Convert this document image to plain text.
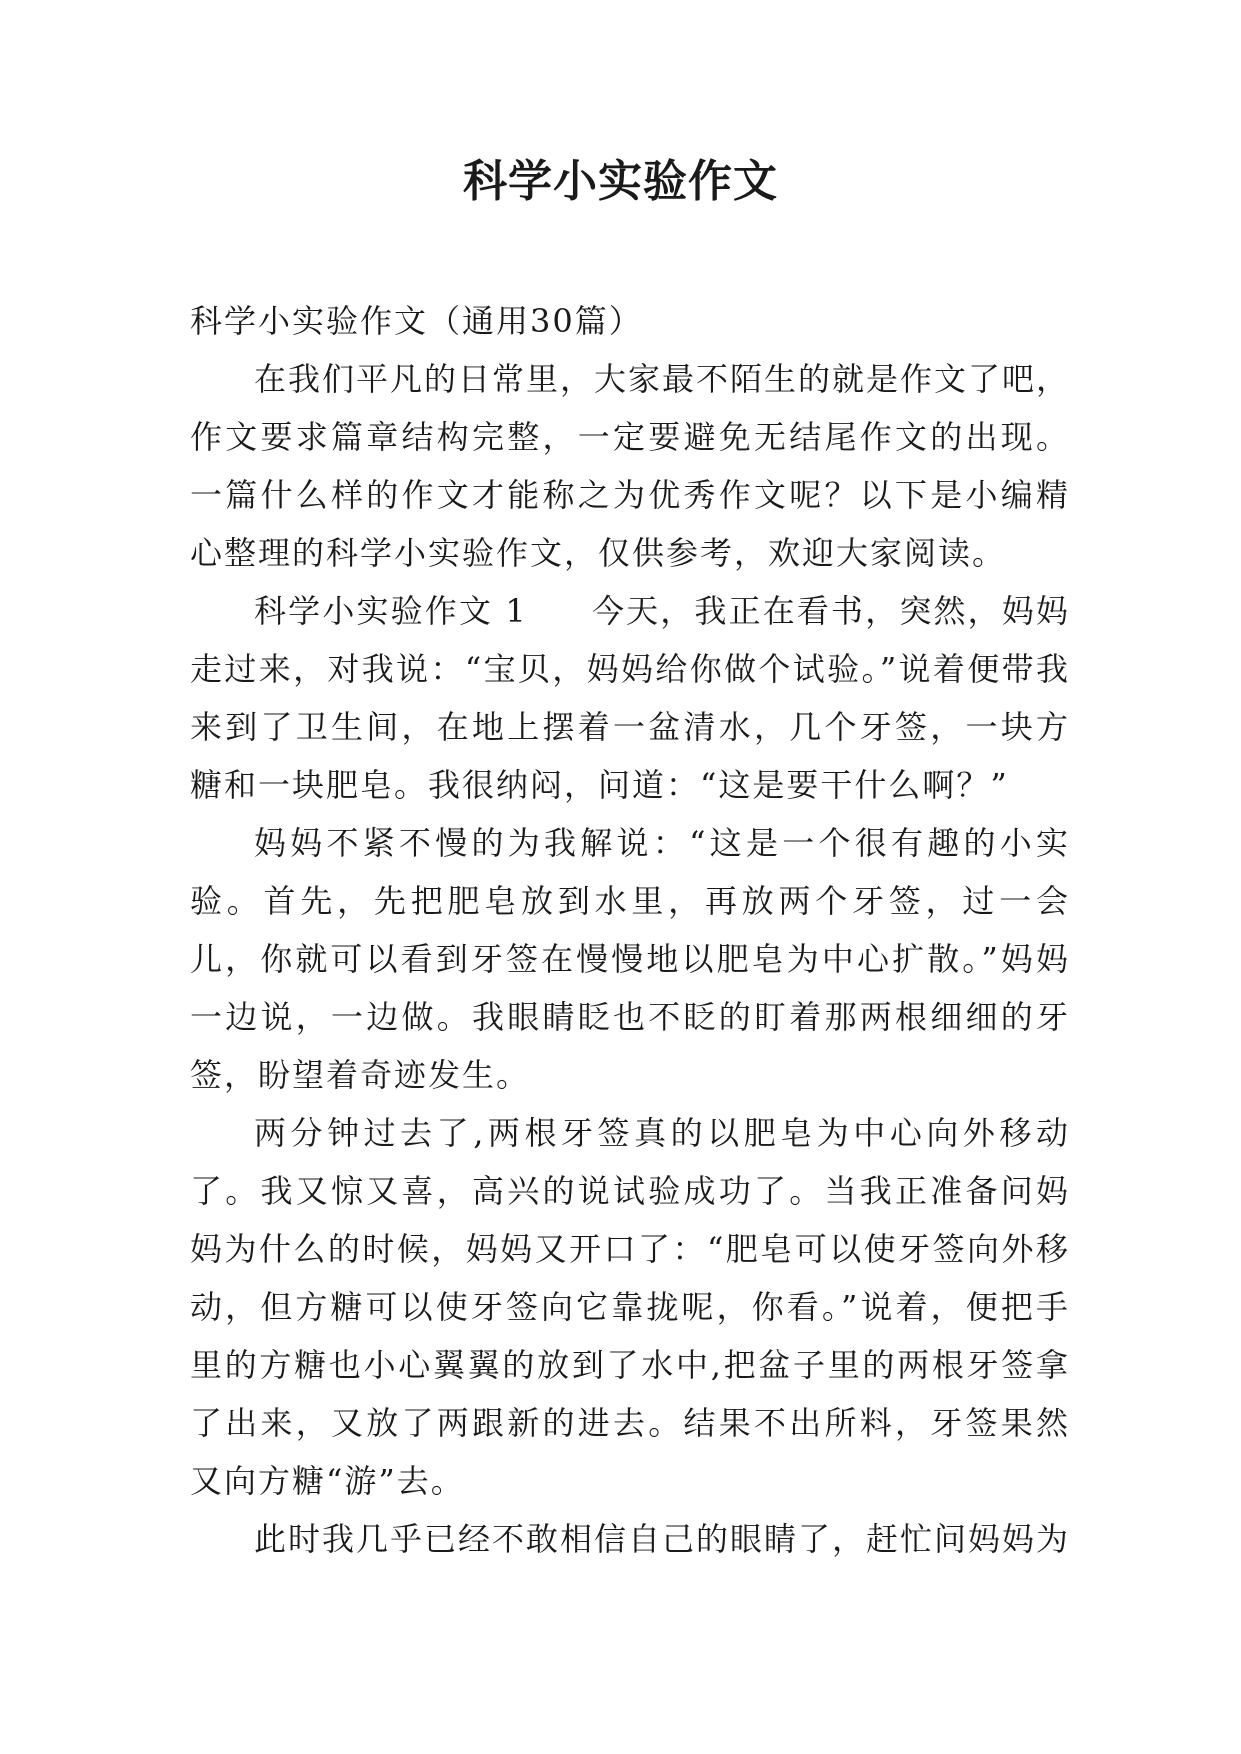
科学小实验作文

科学小实验作文（通用30篇）

在我们平凡的日常里，大家最不陌生的就是作文了吧，作文要求篇章结构完整，一定要避免无结尾作文的出现。一篇什么样的作文才能称之为优秀作文呢？以下是小编精心整理的科学小实验作文，仅供参考，欢迎大家阅读。

科学小实验作文 1 今天，我正在看书，突然，妈妈走过来，对我说：“宝贝，妈妈给你做个试验。”说着便带我来到了卫生间，在地上摆着一盆清水，几个牙签，一块方糖和一块肥皂。我很纳闷，问道：“这是要干什么啊？”

妈妈不紧不慢的为我解说：“这是一个很有趣的小实验。首先，先把肥皂放到水里，再放两个牙签，过一会儿，你就可以看到牙签在慢慢地以肥皂为中心扩散。”妈妈一边说，一边做。我眼睛眨也不眨的盯着那两根细细的牙签，盼望着奇迹发生。

两分钟过去了,两根牙签真的以肥皂为中心向外移动了。我又惊又喜，高兴的说试验成功了。当我正准备问妈妈为什么的时候，妈妈又开口了：“肥皂可以使牙签向外移动，但方糖可以使牙签向它靠拢呢，你看。”说着，便把手里的方糖也小心翼翼的放到了水中,把盆子里的两根牙签拿了出来，又放了两跟新的进去。结果不出所料，牙签果然又向方糖“游”去。

此时我几乎已经不敢相信自己的眼睛了，赶忙问妈妈为
